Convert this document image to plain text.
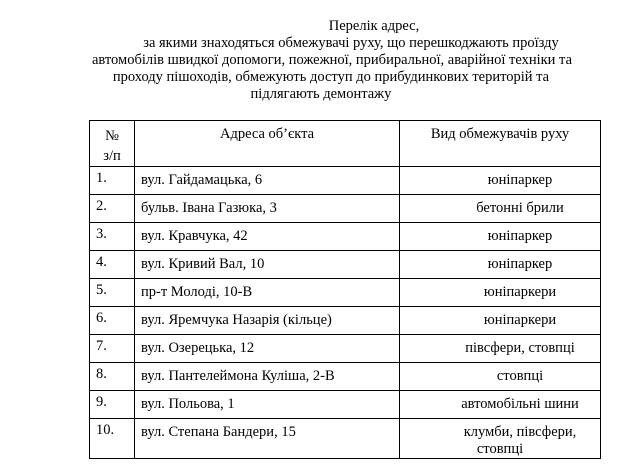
Перелік адрес,
за якими знаходяться обмежувачі руху, що перешкоджають проїзду
автомобілів швидкої допомоги, пожежної, прибиральної, аварійної техніки та
проходу пішоходів, обмежують доступ до прибудинкових територій та
підлягають демонтажу
№
з/п	Адреса об’єкта	Вид обмежувачів руху
1.	вул. Гайдамацька, 6	юніпаркер
2.	бульв. Івана Газюка, 3	бетонні брили
3.	вул. Кравчука, 42	юніпаркер
4.	вул. Кривий Вал, 10	юніпаркер
5.	пр-т Молоді, 10-В	юніпаркери
6.	вул. Яремчука Назарія (кільце)	юніпаркери
7.	вул. Озерецька, 12	півсфери, стовпці
8.	вул. Пантелеймона Куліша, 2-В	стовпці
9.	вул. Польова, 1	автомобільні шини
10.	вул. Степана Бандери, 15	клумби, півсфери, стовпці
